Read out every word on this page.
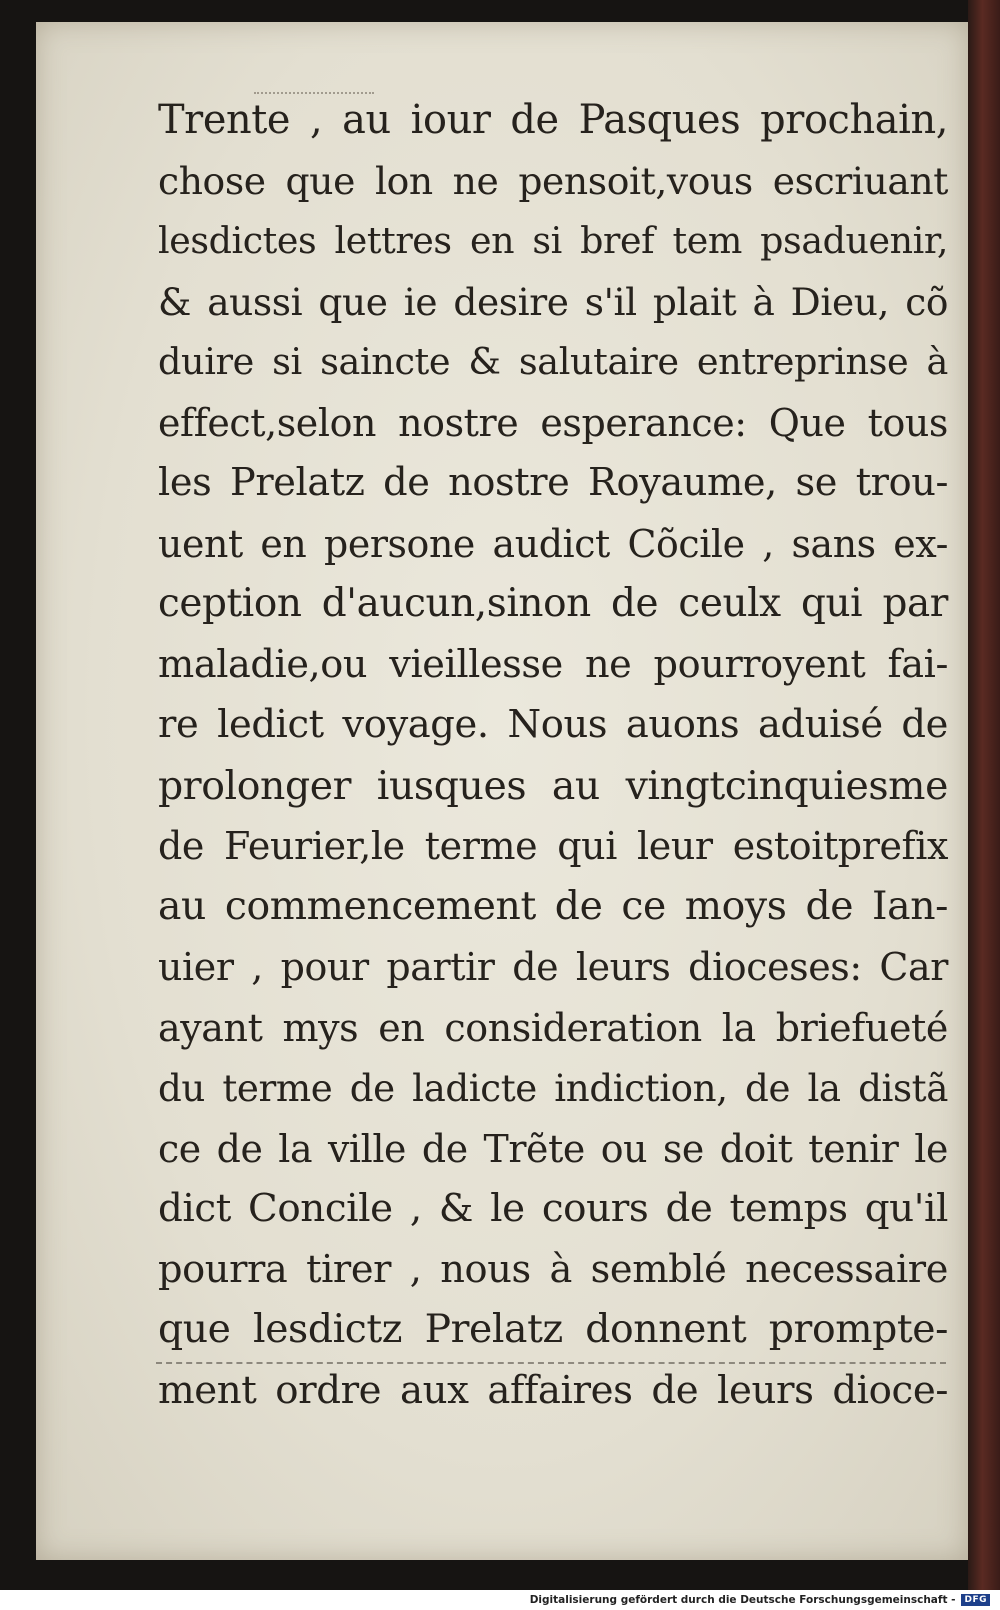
Trente , au iour de Pasques prochain,
chose que lon ne pensoit,vous escriuant
lesdictes lettres en si bref tem psaduenir,
& aussi que ie desire s'il plait à Dieu, cõ
duire si saincte & salutaire entreprinse à
effect,selon nostre esperance: Que tous
les Prelatz de nostre Royaume, se trou-
uent en persone audict Cõcile , sans ex-
ception d'aucun,sinon de ceulx qui par
maladie,ou vieillesse ne pourroyent fai-
re ledict voyage. Nous auons aduisé de
prolonger iusques au vingtcinquiesme
de Feurier,le terme qui leur estoitprefix
au commencement de ce moys de Ian-
uier , pour partir de leurs dioceses: Car
ayant mys en consideration la briefueté
du terme de ladicte indiction, de la distã
ce de la ville de Trẽte ou se doit tenir le
dict Concile , & le cours de temps qu'il
pourra tirer , nous à semblé necessaire
que lesdictz Prelatz donnent prompte-
ment ordre aux affaires de leurs dioce-
Digitalisierung gefördert durch die Deutsche Forschungsgemeinschaft -	DFG
